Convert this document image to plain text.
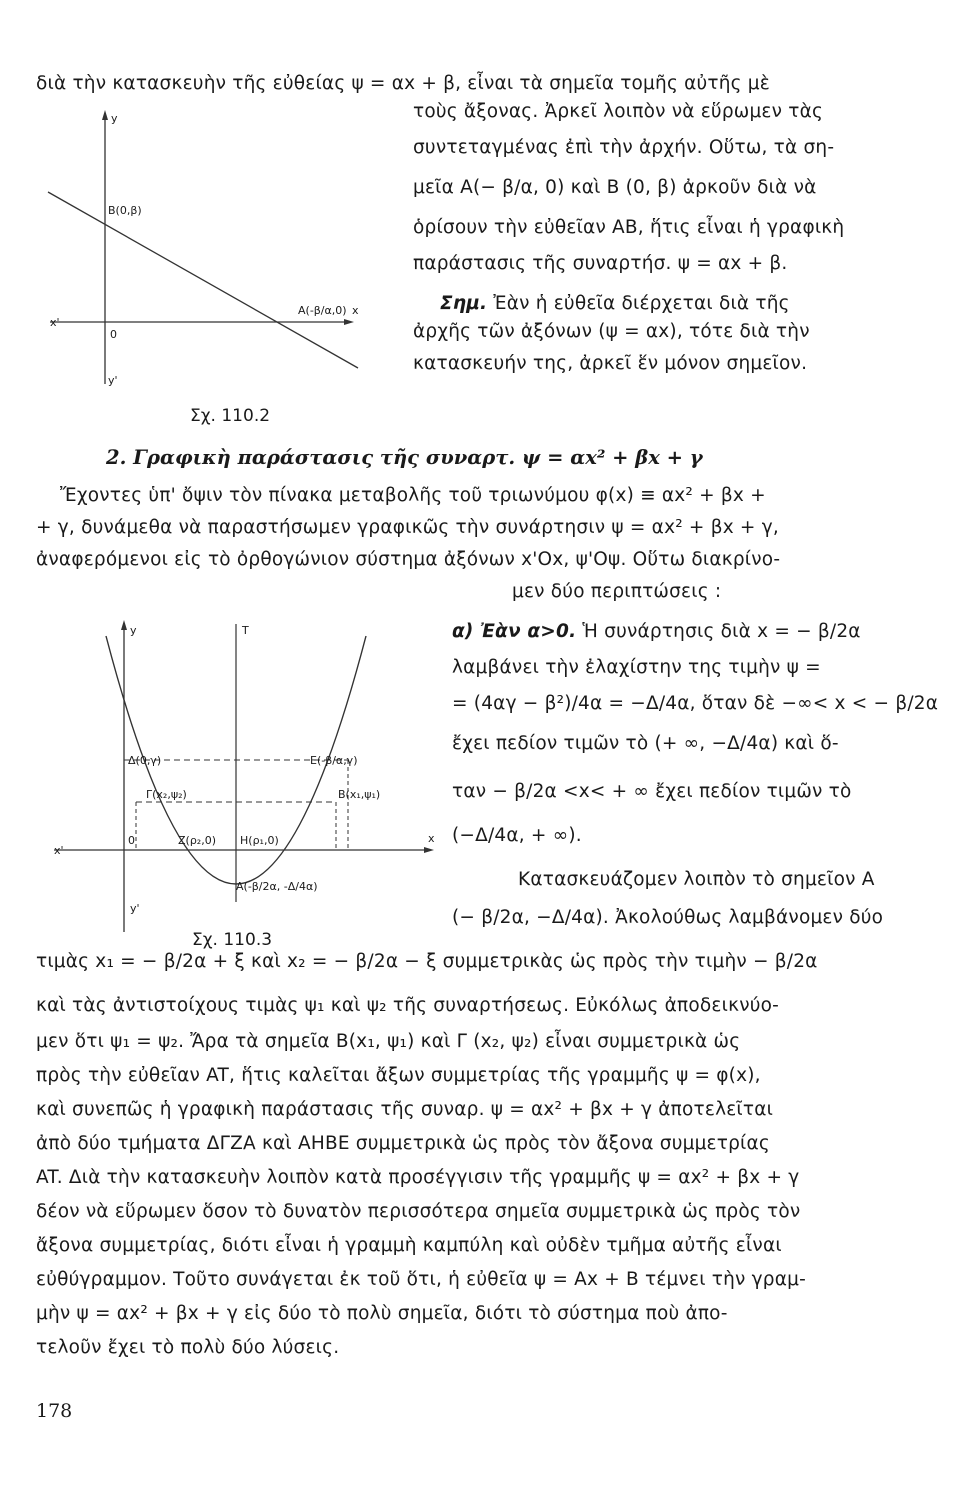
διὰ τὴν κατασκευὴν τῆς εὐθείας ψ = αx + β, εἶναι τὰ σημεῖα τομῆς αὐτῆς μὲ
y
B(0,β)
x'
0
y'
A(-β/α,0) x
Σχ. 110.2
τοὺς ἄξονας. Ἀρκεῖ λοιπὸν νὰ εὕρωμεν τὰς
συντεταγμένας ἐπὶ τὴν ἀρχήν. Οὕτω, τὰ ση-
μεῖα A(− β/α, 0) καὶ B (0, β) ἀρκοῦν διὰ νὰ
ὁρίσουν τὴν εὐθεῖαν AB, ἥτις εἶναι ἡ γραφικὴ
παράστασις τῆς συναρτήσ. ψ = αx + β.
Σημ. Ἐὰν ἡ εὐθεῖα διέρχεται διὰ τῆς
ἀρχῆς τῶν ἀξόνων (ψ = αx), τότε διὰ τὴν
κατασκευήν της, ἀρκεῖ ἕν μόνον σημεῖον.
2. Γραφικὴ παράστασις τῆς συναρτ. ψ = αx² + βx + γ
Ἔχοντες ὑπ' ὄψιν τὸν πίνακα μεταβολῆς τοῦ τριωνύμου φ(x) ≡ αx² + βx +
+ γ, δυνάμεθα νὰ παραστήσωμεν γραφικῶς τὴν συνάρτησιν ψ = αx² + βx + γ,
ἀναφερόμενοι εἰς τὸ ὀρθογώνιον σύστημα ἀξόνων x'Ox, ψ'Oψ. Οὕτω διακρίνο-
μεν δύο περιπτώσεις :
y	T
Δ(0,γ)	E(-β/α,γ)
Γ(x₂,ψ₂)	B(x₁,ψ₁)
x'
0	Z(ρ₂,0) H(ρ₁,0)
A(-β/2α, -Δ/4α)
x
y'
Σχ. 110.3
α) Ἐὰν α>0. Ἡ συνάρτησις διὰ x = − β/2α
λαμβάνει τὴν ἐλαχίστην της τιμὴν ψ =
= (4αγ − β²)/4α = −Δ/4α, ὅταν δὲ −∞< x < − β/2α
ἔχει πεδίον τιμῶν τὸ (+ ∞, −Δ/4α) καὶ ὅ-
ταν − β/2α <x< + ∞ ἔχει πεδίον τιμῶν τὸ
(−Δ/4α, + ∞).
Κατασκευάζομεν λοιπὸν τὸ σημεῖον A
(− β/2α, −Δ/4α). Ἀκολούθως λαμβάνομεν δύο
τιμὰς x₁ = − β/2α + ξ καὶ x₂ = − β/2α − ξ συμμετρικὰς ὡς πρὸς τὴν τιμὴν − β/2α
καὶ τὰς ἀντιστοίχους τιμὰς ψ₁ καὶ ψ₂ τῆς συναρτήσεως. Εὐκόλως ἀποδεικνύο-
μεν ὅτι ψ₁ = ψ₂. Ἄρα τὰ σημεῖα B(x₁, ψ₁) καὶ Γ (x₂, ψ₂) εἶναι συμμετρικὰ ὡς
πρὸς τὴν εὐθεῖαν AT, ἥτις καλεῖται ἄξων συμμετρίας τῆς γραμμῆς ψ = φ(x),
καὶ συνεπῶς ἡ γραφικὴ παράστασις τῆς συναρ. ψ = αx² + βx + γ ἀποτελεῖται
ἀπὸ δύο τμήματα ΔΓΖΑ καὶ AHBE συμμετρικὰ ὡς πρὸς τὸν ἄξονα συμμετρίας
AT. Διὰ τὴν κατασκευὴν λοιπὸν κατὰ προσέγγισιν τῆς γραμμῆς ψ = αx² + βx + γ
δέον νὰ εὕρωμεν ὅσον τὸ δυνατὸν περισσότερα σημεῖα συμμετρικὰ ὡς πρὸς τὸν
ἄξονα συμμετρίας, διότι εἶναι ἡ γραμμὴ καμπύλη καὶ οὐδὲν τμῆμα αὐτῆς εἶναι
εὐθύγραμμον. Τοῦτο συνάγεται ἐκ τοῦ ὅτι, ἡ εὐθεῖα ψ = Ax + B τέμνει τὴν γραμ-
μὴν ψ = αx² + βx + γ εἰς δύο τὸ πολὺ σημεῖα, διότι τὸ σύστημα ποὺ ἀπο-
τελοῦν ἔχει τὸ πολὺ δύο λύσεις.
178
